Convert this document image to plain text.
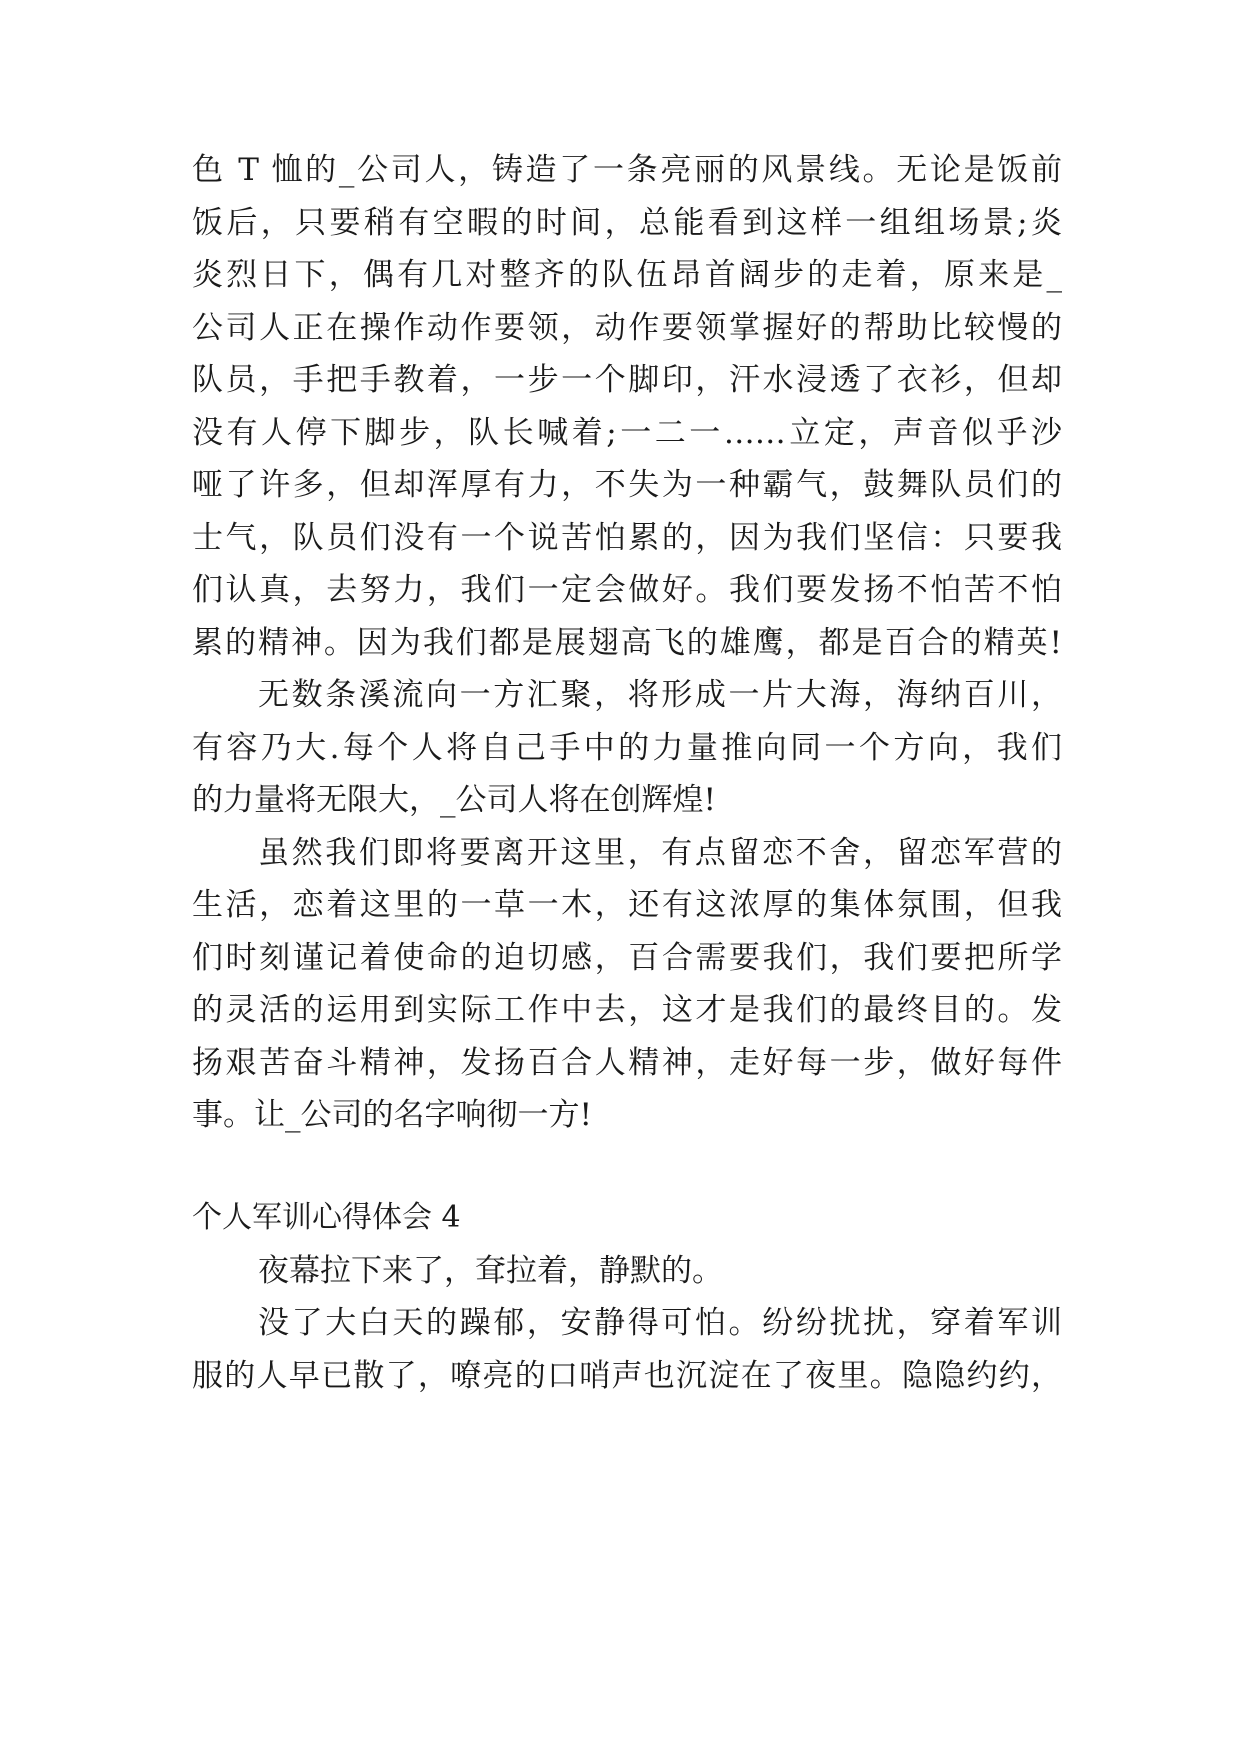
色 T 恤的_公司人，铸造了一条亮丽的风景线。无论是饭前
饭后，只要稍有空暇的时间，总能看到这样一组组场景;炎
炎烈日下，偶有几对整齐的队伍昂首阔步的走着，原来是_
公司人正在操作动作要领，动作要领掌握好的帮助比较慢的
队员，手把手教着，一步一个脚印，汗水浸透了衣衫，但却
没有人停下脚步，队长喊着;一二一……立定，声音似乎沙
哑了许多，但却浑厚有力，不失为一种霸气，鼓舞队员们的
士气，队员们没有一个说苦怕累的，因为我们坚信：只要我
们认真，去努力，我们一定会做好。我们要发扬不怕苦不怕
累的精神。因为我们都是展翅高飞的雄鹰，都是百合的精英!
无数条溪流向一方汇聚，将形成一片大海，海纳百川，
有容乃大.每个人将自己手中的力量推向同一个方向，我们
的力量将无限大，_公司人将在创辉煌!
虽然我们即将要离开这里，有点留恋不舍，留恋军营的
生活，恋着这里的一草一木，还有这浓厚的集体氛围，但我
们时刻谨记着使命的迫切感，百合需要我们，我们要把所学
的灵活的运用到实际工作中去，这才是我们的最终目的。发
扬艰苦奋斗精神，发扬百合人精神，走好每一步，做好每件
事。让_公司的名字响彻一方!
个人军训心得体会 4
夜幕拉下来了，耷拉着，静默的。
没了大白天的躁郁，安静得可怕。纷纷扰扰，穿着军训
服的人早已散了，嘹亮的口哨声也沉淀在了夜里。隐隐约约，
